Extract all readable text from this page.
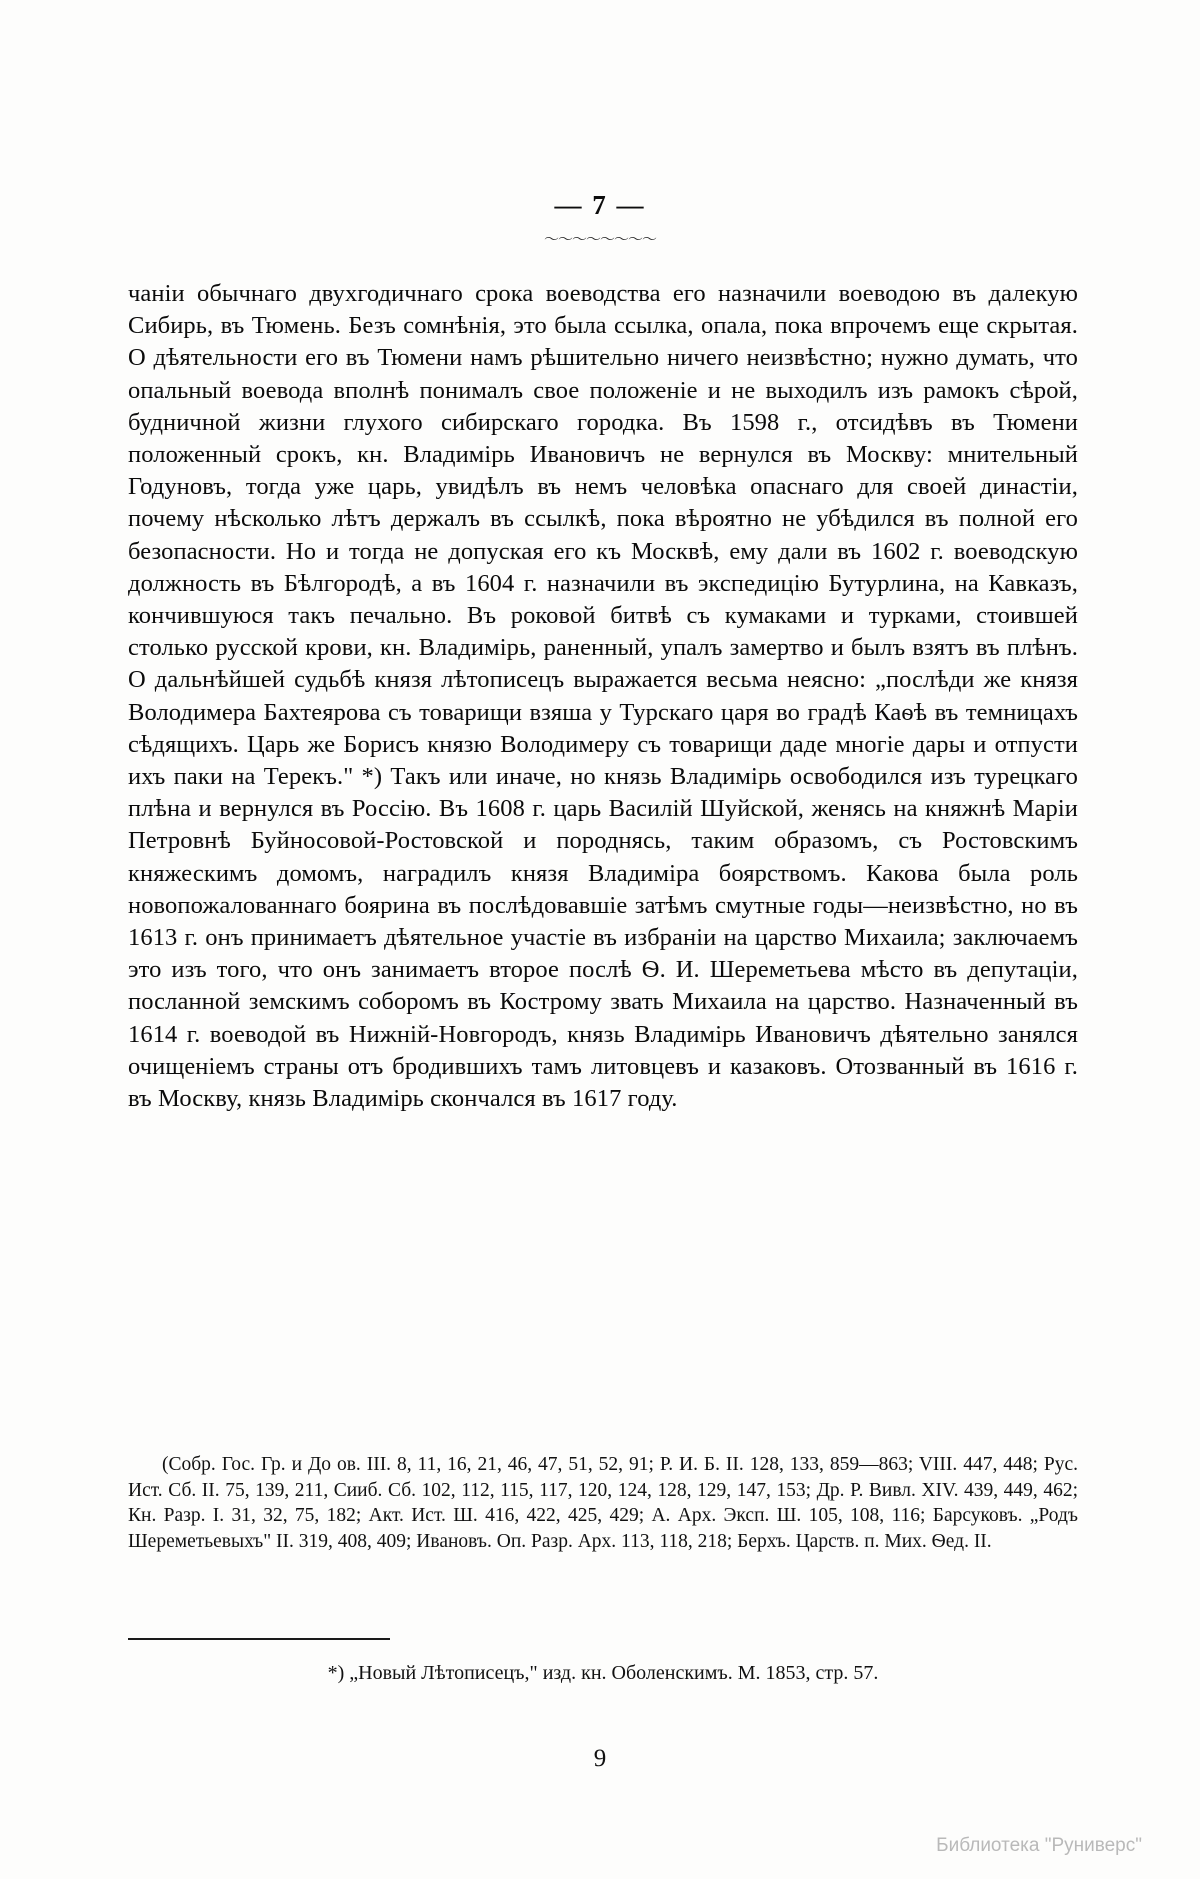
— 7 —
〜〜〜〜〜〜〜〜

чаніи обычнаго двухгодичнаго срока воеводства его назначили воеводою въ далекую Сибирь, въ Тюмень. Безъ сомнѣнія, это была ссылка, опала, пока впрочемъ еще скрытая. О дѣятельности его въ Тюмени намъ рѣшительно ничего неизвѣстно; нужно думать, что опальный воевода вполнѣ понималъ свое положеніе и не выходилъ изъ рамокъ сѣрой, будничной жизни глухого сибирскаго городка. Въ 1598 г., отсидѣвъ въ Тюмени положенный срокъ, кн. Владимірь Ивановичъ не вернулся въ Москву: мнительный Годуновъ, тогда уже царь, увидѣлъ въ немъ человѣка опаснаго для своей династіи, почему нѣсколько лѣтъ держалъ въ ссылкѣ, пока вѣроятно не убѣдился въ полной его безопасности. Но и тогда не допуская его къ Москвѣ, ему дали въ 1602 г. воеводскую должность въ Бѣлгородѣ, а въ 1604 г. назначили въ экспедицію Бутурлина, на Кавказъ, кончившуюся такъ печально. Въ роковой битвѣ съ кумаками и турками, стоившей столько русской крови, кн. Владимірь, раненный, упалъ замертво и былъ взятъ въ плѣнъ. О дальнѣйшей судьбѣ князя лѣтописецъ выражается весьма неясно: „послѣди же князя Володимера Бахтеярова съ товарищи взяша у Турскаго царя во градѣ Каѳѣ въ темницахъ сѣдящихъ. Царь же Борисъ князю Володимеру съ товарищи даде многіе дары и отпусти ихъ паки на Терекъ." *) Такъ или иначе, но князь Владимірь освободился изъ турецкаго плѣна и вернулся въ Россію. Въ 1608 г. царь Василій Шуйской, женясь на княжнѣ Маріи Петровнѣ Буйносовой-Ростовской и породнясь, таким образомъ, съ Ростовскимъ княжескимъ домомъ, наградилъ князя Владиміра боярствомъ. Какова была роль новопожалованнаго боярина въ послѣдовавшіе затѣмъ смутные годы—неизвѣстно, но въ 1613 г. онъ принимаетъ дѣятельное участіе въ избраніи на царство Михаила; заключаемъ это изъ того, что онъ занимаетъ второе послѣ Ѳ. И. Шереметьева мѣсто въ депутаціи, посланной земскимъ соборомъ въ Кострому звать Михаила на царство. Назначенный въ 1614 г. воеводой въ Нижній-Новгородъ, князь Владимірь Ивановичъ дѣятельно занялся очищеніемъ страны отъ бродившихъ тамъ литовцевъ и казаковъ. Отозванный въ 1616 г. въ Москву, князь Владимірь скончался въ 1617 году.

(Собр. Гос. Гр. и До ов. III. 8, 11, 16, 21, 46, 47, 51, 52, 91; Р. И. Б. II. 128, 133, 859—863; VIII. 447, 448; Рус. Ист. Сб. II. 75, 139, 211, Сииб. Сб. 102, 112, 115, 117, 120, 124, 128, 129, 147, 153; Др. Р. Вивл. XIV. 439, 449, 462; Кн. Разр. I. 31, 32, 75, 182; Акт. Ист. Ш. 416, 422, 425, 429; А. Арх. Эксп. Ш. 105, 108, 116; Барсуковъ. „Родъ Шереметьевыхъ" II. 319, 408, 409; Ивановъ. Оп. Разр. Арх. 113, 118, 218; Берхъ. Царств. п. Мих. Ѳед. II.

*) „Новый Лѣтописецъ," изд. кн. Оболенскимъ. М. 1853, стр. 57.
9
Библиотека "Руниверс"
